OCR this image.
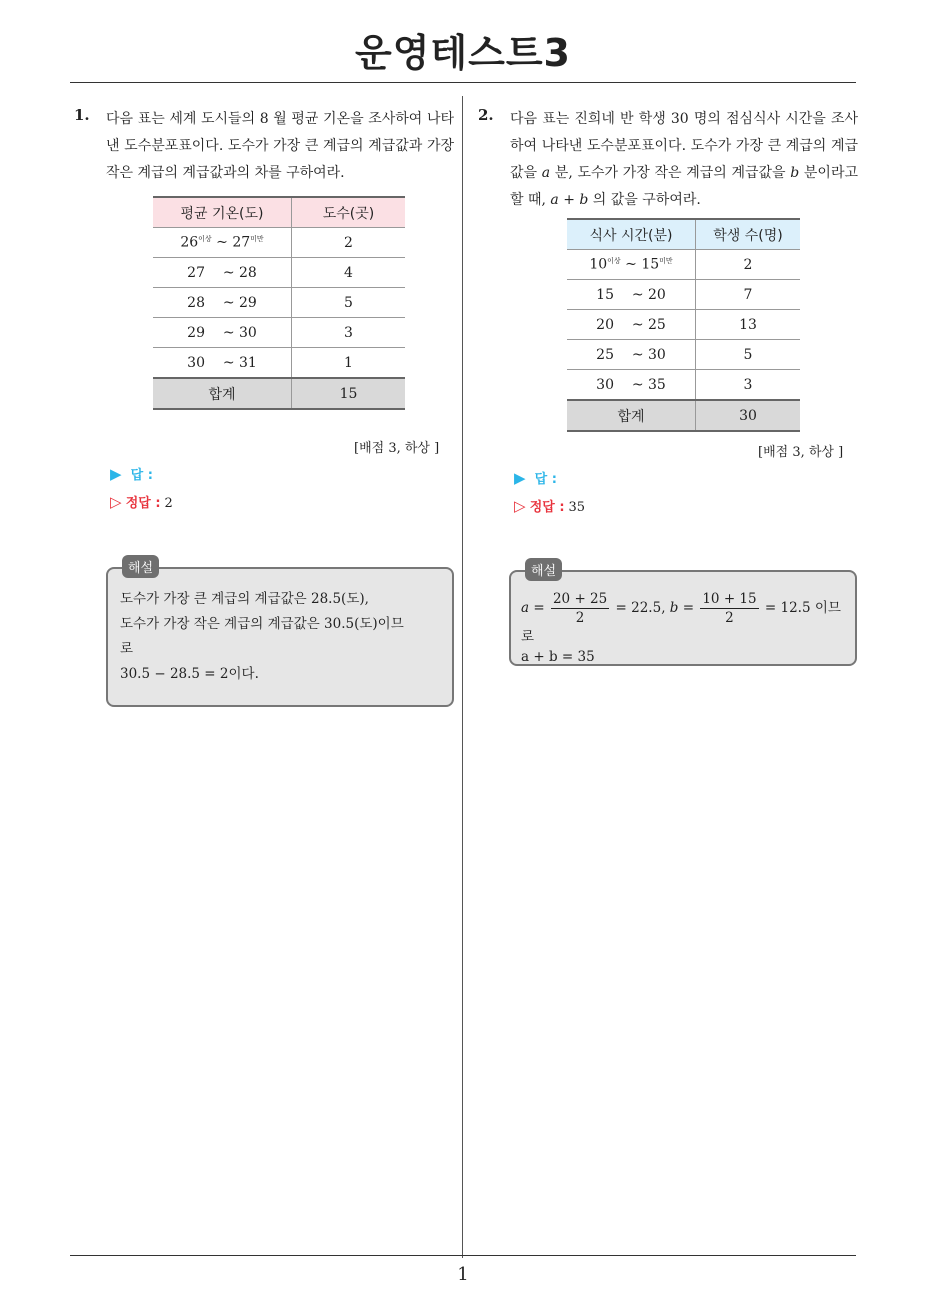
운영테스트3
1. 다음 표는 세계 도시들의 8 월 평균 기온을 조사하여 나타낸 도수분포표이다. 도수가 가장 큰 계급의 계급값과 가장 작은 계급의 계급값과의 차를 구하여라.
평균 기온(도)	도수(곳)
$26^{이상}$ ~ $27^{미만}$	2
27 ~ 28	4
28 ~ 29	5
29 ~ 30	3
30 ~ 31	1
합계	15
[배점 3, 하상 ]
▶ 답 :
▷ 정답 : 2
해설
도수가 가장 큰 계급의 계급값은 28.5(도),
도수가 가장 작은 계급의 계급값은 30.5(도)이므
로
30.5 − 28.5 = 2이다.
2. 다음 표는 진희네 반 학생 30 명의 점심식사 시간을 조사하여 나타낸 도수분포표이다. 도수가 가장 큰 계급의 계급값을 a 분, 도수가 가장 작은 계급의 계급값을 b 분이라고 할 때, a + b 의 값을 구하여라.
식사 시간(분)	학생 수(명)
$10^{이상}$ ~ $15^{미만}$	2
15 ~ 20	7
20 ~ 25	13
25 ~ 30	5
30 ~ 35	3
합계	30
[배점 3, 하상 ]
▶ 답 :
▷ 정답 : 35
해설
$a = \frac{20 + 25}{2} = 22.5$, $b = \frac{10 + 15}{2} = 12.5$ 이므로
a + b = 35
1
